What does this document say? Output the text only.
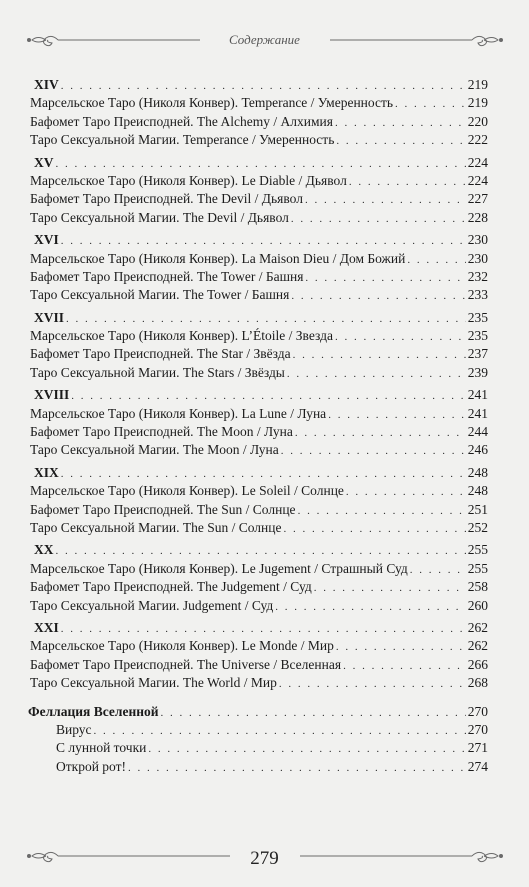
Содержание
XIV . . .	219
Марсельское Таро (Николя Конвер). Temperance / Умеренность . . .	219
Бафомет Таро Преисподней. The Alchemy / Алхимия . . .	220
Таро Сексуальной Магии. Temperance / Умеренность . . .	222
XV . . .	224
Марсельское Таро (Николя Конвер). Le Diable / Дьявол . . .	224
Бафомет Таро Преисподней. The Devil / Дьявол . . .	227
Таро Сексуальной Магии. The Devil / Дьявол . . .	228
XVI . . .	230
Марсельское Таро (Николя Конвер). La Maison Dieu / Дом Божий . . .	230
Бафомет Таро Преисподней. The Tower / Башня . . .	232
Таро Сексуальной Магии. The Tower / Башня . . .	233
XVII . . .	235
Марсельское Таро (Николя Конвер). L’Étoile / Звезда . . .	235
Бафомет Таро Преисподней. The Star / Звёзда . . .	237
Таро Сексуальной Магии. The Stars / Звёзды . . .	239
XVIII . . .	241
Марсельское Таро (Николя Конвер). La Lune / Луна . . .	241
Бафомет Таро Преисподней. The Moon / Луна . . .	244
Таро Сексуальной Магии. The Moon / Луна . . .	246
XIX . . .	248
Марсельское Таро (Николя Конвер). Le Soleil / Солнце . . .	248
Бафомет Таро Преисподней. The Sun / Солнце . . .	251
Таро Сексуальной Магии. The Sun / Солнце . . .	252
XX . . .	255
Марсельское Таро (Николя Конвер). Le Jugement / Страшный Суд . . .	255
Бафомет Таро Преисподней. The Judgement / Суд . . .	258
Таро Сексуальной Магии. Judgement / Суд . . .	260
XXI . . .	262
Марсельское Таро (Николя Конвер). Le Monde / Мир . . .	262
Бафомет Таро Преисподней. The Universe / Вселенная . . .	266
Таро Сексуальной Магии. The World / Мир . . .	268
Феллация Вселенной . . .	270
Вирус . . .	270
С лунной точки . . .	271
Открой рот! . . .	274
279
